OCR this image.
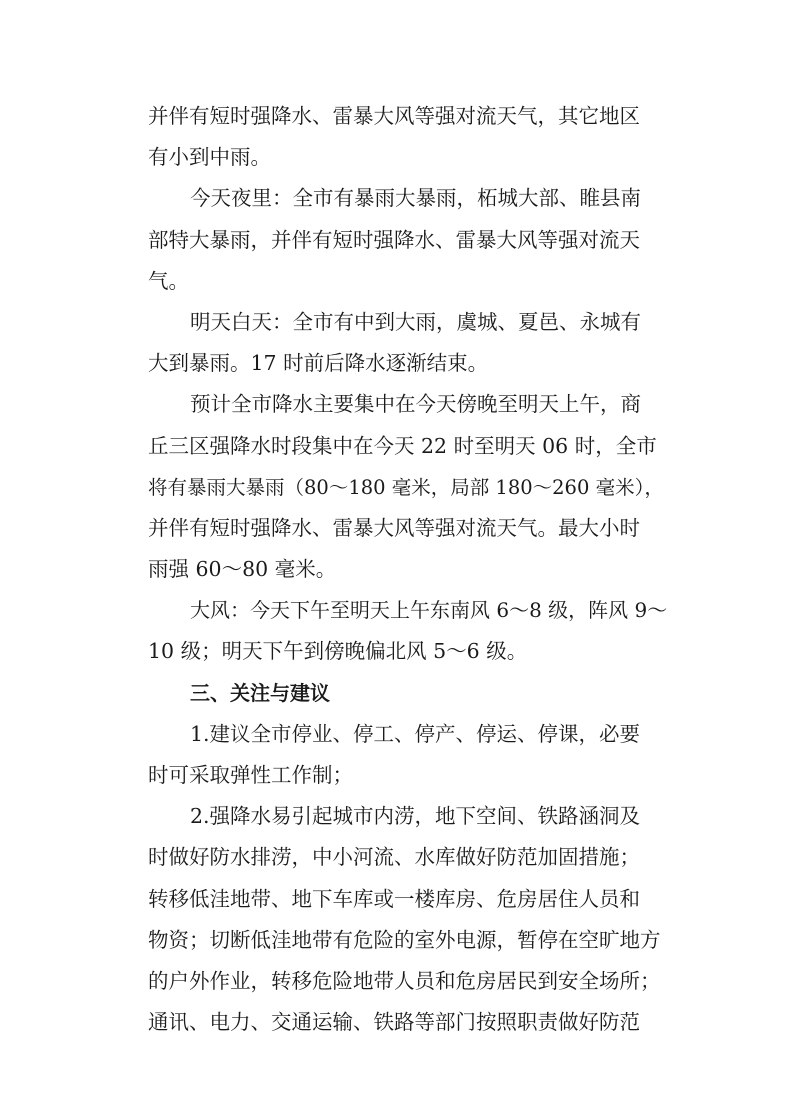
并伴有短时强降水、雷暴大风等强对流天气，其它地区
有小到中雨。
今天夜里：全市有暴雨大暴雨，柘城大部、睢县南
部特大暴雨，并伴有短时强降水、雷暴大风等强对流天
气。
明天白天：全市有中到大雨，虞城、夏邑、永城有
大到暴雨。17 时前后降水逐渐结束。
预计全市降水主要集中在今天傍晚至明天上午，商
丘三区强降水时段集中在今天 22 时至明天 06 时，全市
将有暴雨大暴雨（80～180 毫米，局部 180～260 毫米），
并伴有短时强降水、雷暴大风等强对流天气。最大小时
雨强 60～80 毫米。
大风：今天下午至明天上午东南风 6～8 级，阵风 9～
10 级；明天下午到傍晚偏北风 5～6 级。
三、关注与建议
1.建议全市停业、停工、停产、停运、停课，必要
时可采取弹性工作制；
2.强降水易引起城市内涝，地下空间、铁路涵洞及
时做好防水排涝，中小河流、水库做好防范加固措施；
转移低洼地带、地下车库或一楼库房、危房居住人员和
物资；切断低洼地带有危险的室外电源，暂停在空旷地方
的户外作业，转移危险地带人员和危房居民到安全场所；
通讯、电力、交通运输、铁路等部门按照职责做好防范
